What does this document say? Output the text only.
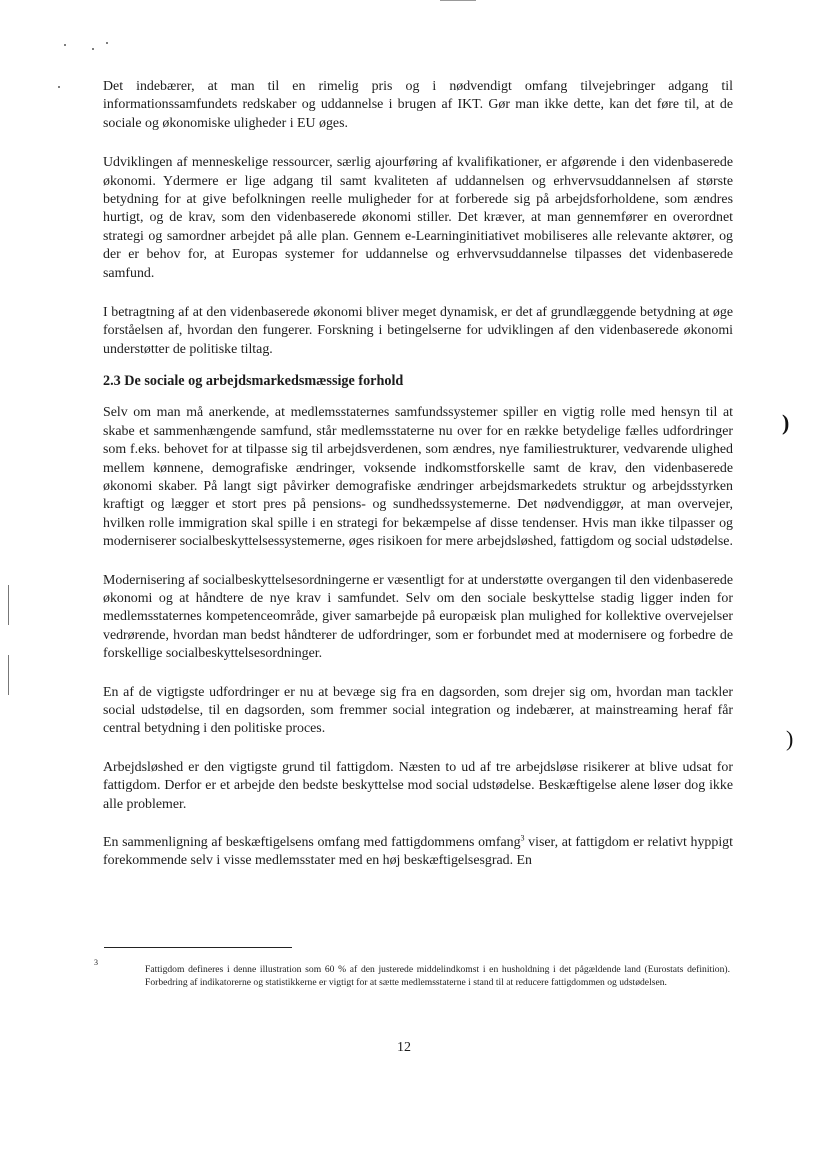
Det indebærer, at man til en rimelig pris og i nødvendigt omfang tilvejebringer adgang til informationssamfundets redskaber og uddannelse i brugen af IKT. Gør man ikke dette, kan det føre til, at de sociale og økonomiske uligheder i EU øges.

Udviklingen af menneskelige ressourcer, særlig ajourføring af kvalifikationer, er afgørende i den videnbaserede økonomi. Ydermere er lige adgang til samt kvaliteten af uddannelsen og erhvervsuddannelsen af største betydning for at give befolkningen reelle muligheder for at forberede sig på arbejdsforholdene, som ændres hurtigt, og de krav, som den videnbaserede økonomi stiller. Det kræver, at man gennemfører en overordnet strategi og samordner arbejdet på alle plan. Gennem e-Learninginitiativet mobiliseres alle relevante aktører, og der er behov for, at Europas systemer for uddannelse og erhvervsuddannelse tilpasses det videnbaserede samfund.

I betragtning af at den videnbaserede økonomi bliver meget dynamisk, er det af grundlæggende betydning at øge forståelsen af, hvordan den fungerer. Forskning i betingelserne for udviklingen af den videnbaserede økonomi understøtter de politiske tiltag.

2.3 De sociale og arbejdsmarkedsmæssige forhold

Selv om man må anerkende, at medlemsstaternes samfundssystemer spiller en vigtig rolle med hensyn til at skabe et sammenhængende samfund, står medlemsstaterne nu over for en række betydelige fælles udfordringer som f.eks. behovet for at tilpasse sig til arbejdsverdenen, som ændres, nye familiestrukturer, vedvarende ulighed mellem kønnene, demografiske ændringer, voksende indkomstforskelle samt de krav, den videnbaserede økonomi skaber. På langt sigt påvirker demografiske ændringer arbejdsmarkedets struktur og arbejdsstyrken kraftigt og lægger et stort pres på pensions- og sundhedssystemerne. Det nødvendiggør, at man overvejer, hvilken rolle immigration skal spille i en strategi for bekæmpelse af disse tendenser. Hvis man ikke tilpasser og moderniserer socialbeskyttelsessystemerne, øges risikoen for mere arbejdsløshed, fattigdom og social udstødelse.

Modernisering af socialbeskyttelsesordningerne er væsentligt for at understøtte overgangen til den videnbaserede økonomi og at håndtere de nye krav i samfundet. Selv om den sociale beskyttelse stadig ligger inden for medlemsstaternes kompetenceområde, giver samarbejde på europæisk plan mulighed for kollektive overvejelser vedrørende, hvordan man bedst håndterer de udfordringer, som er forbundet med at modernisere og forbedre de forskellige socialbeskyttelsesordninger.

En af de vigtigste udfordringer er nu at bevæge sig fra en dagsorden, som drejer sig om, hvordan man tackler social udstødelse, til en dagsorden, som fremmer social integration og indebærer, at mainstreaming heraf får central betydning i den politiske proces.

Arbejdsløshed er den vigtigste grund til fattigdom. Næsten to ud af tre arbejdsløse risikerer at blive udsat for fattigdom. Derfor er et arbejde den bedste beskyttelse mod social udstødelse. Beskæftigelse alene løser dog ikke alle problemer.

En sammenligning af beskæftigelsens omfang med fattigdommens omfang$^3$ viser, at fattigdom er relativt hyppigt forekommende selv i visse medlemsstater med en høj beskæftigelsesgrad. En

3

Fattigdom defineres i denne illustration som 60 % af den justerede middelindkomst i en husholdning i det pågældende land (Eurostats definition). Forbedring af indikatorerne og statistikkerne er vigtigt for at sætte medlemsstaterne i stand til at reducere fattigdommen og udstødelsen.

12
)
)
